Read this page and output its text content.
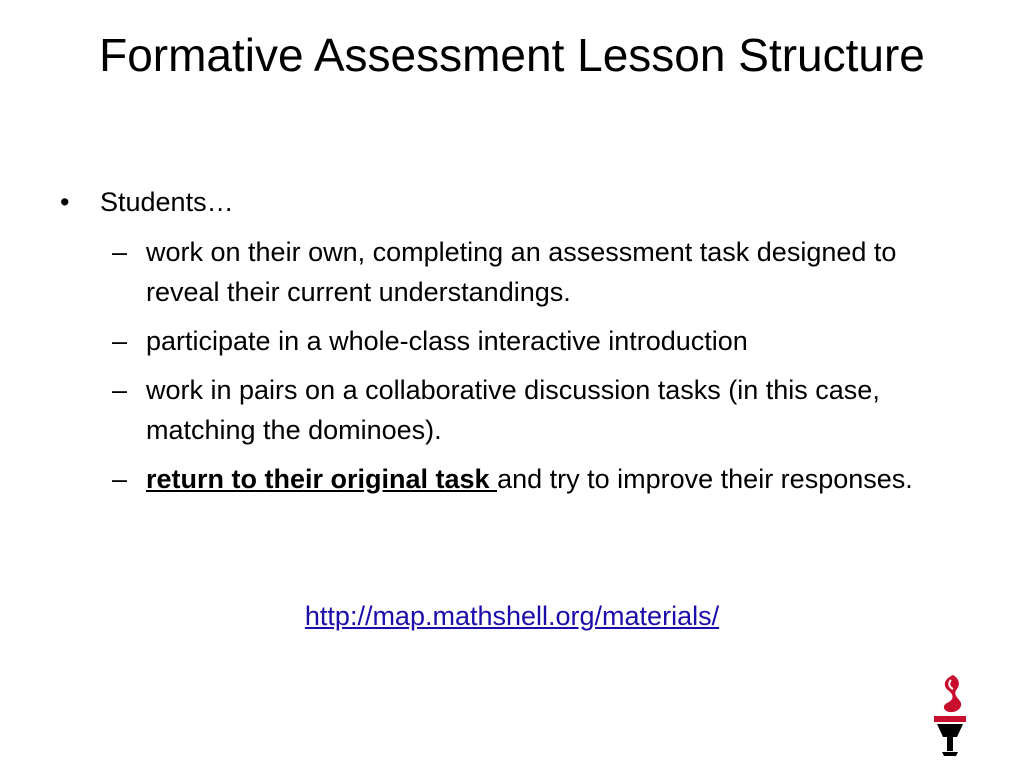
Formative Assessment Lesson Structure
• Students…
– work on their own, completing an assessment task designed to reveal their current understandings.
– participate in a whole-class interactive introduction
– work in pairs on a collaborative discussion tasks (in this case, matching the dominoes).
– return to their original task and try to improve their responses.
http://map.mathshell.org/materials/
